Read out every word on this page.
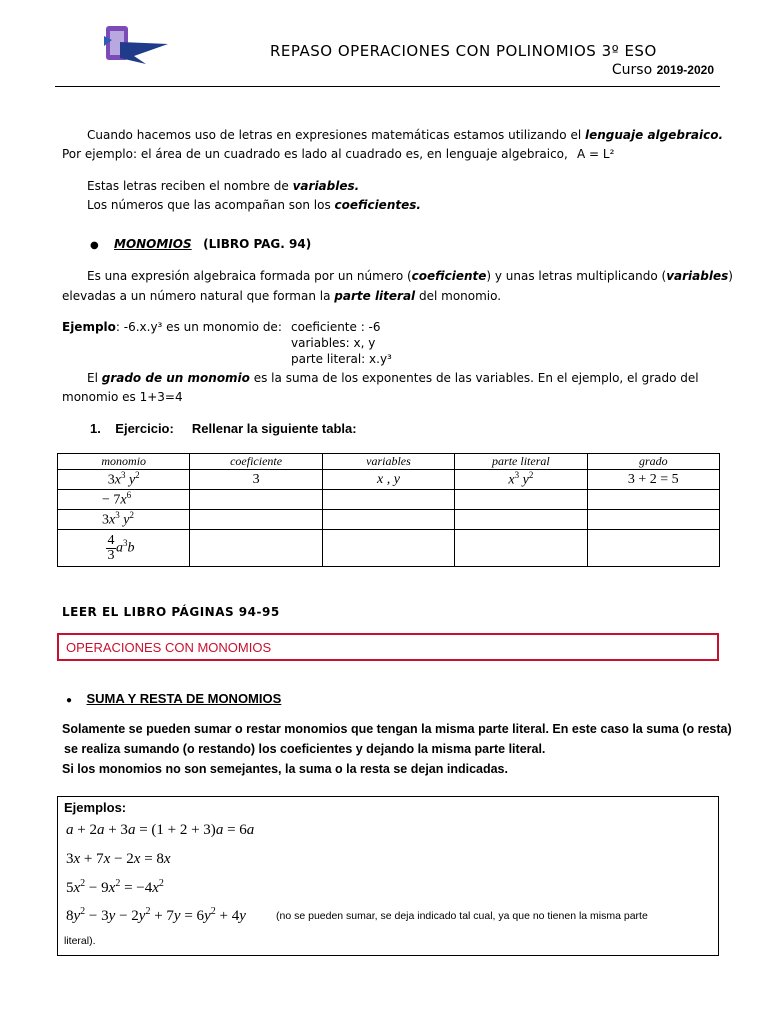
REPASO OPERACIONES CON POLINOMIOS 3º ESO
Curso 2019-2020
Cuando hacemos uso de letras en expresiones matemáticas estamos utilizando el lenguaje algebraico.
Por ejemplo: el área de un cuadrado es lado al cuadrado es, en lenguaje algebraico, A = L²
Estas letras reciben el nombre de variables.
Los números que las acompañan son los coeficientes.
● MONOMIOS (LIBRO PAG. 94)
Es una expresión algebraica formada por un número (coeficiente) y unas letras multiplicando (variables)
elevadas a un número natural que forman la parte literal del monomio.
Ejemplo: -6.x.y³ es un monomio de: coeficiente : -6
variables: x, y
parte literal: x.y³
El grado de un monomio es la suma de los exponentes de las variables. En el ejemplo, el grado del
monomio es 1+3=4
1. Ejercicio: Rellenar la siguiente tabla:
monomio	coeficiente	variables	parte literal	grado
$3x^3$ $y^2$	3	x , y	$x^3$ $y^2$	3 + 2 = 5
− $7x^6$				
$3x^3$ $y^2$				
$\frac{4}{3} a^3b$				
LEER EL LIBRO PÁGINAS 94-95
OPERACIONES CON MONOMIOS
● SUMA Y RESTA DE MONOMIOS
Solamente se pueden sumar o restar monomios que tengan la misma parte literal. En este caso la suma (o resta)
se realiza sumando (o restando) los coeficientes y dejando la misma parte literal.
Si los monomios no son semejantes, la suma o la resta se dejan indicadas.
Ejemplos:
a + 2a + 3a = (1 + 2 + 3)a = 6a
3x + 7x − 2x = 8x
$5x^2 - 9x^2 = -4x^2$
$8y^2 - 3y - 2y^2 + 7y = 6y^2 + 4y$	(no se pueden sumar, se deja indicado tal cual, ya que no tienen la misma parte
literal).
